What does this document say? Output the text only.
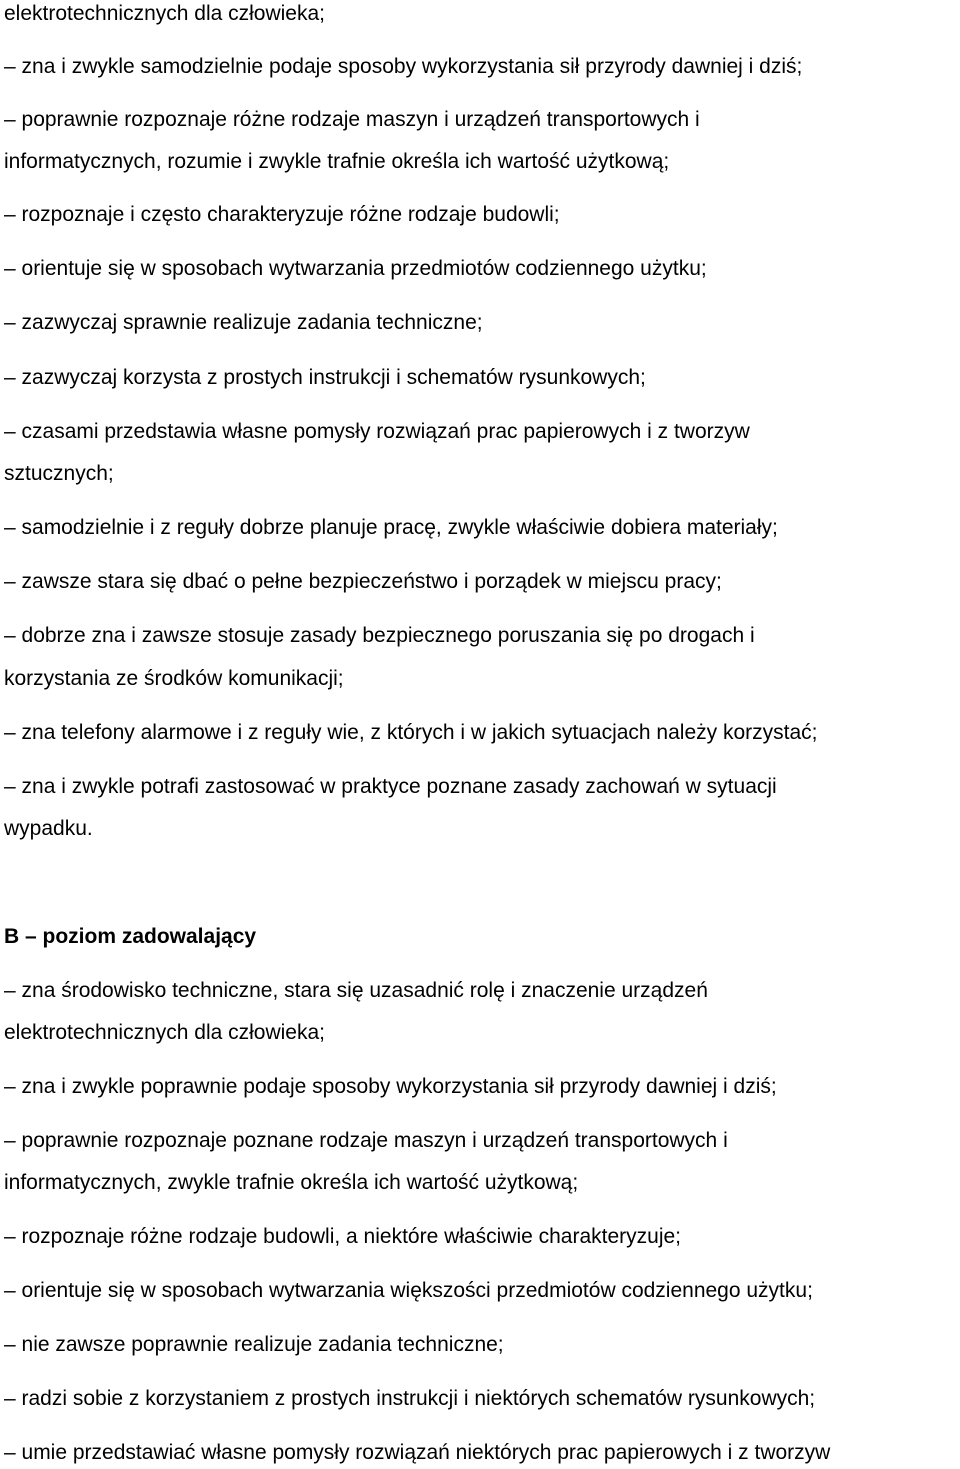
elektrotechnicznych dla człowieka;
– zna i zwykle samodzielnie podaje sposoby wykorzystania sił przyrody dawniej i dziś;
– poprawnie rozpoznaje różne rodzaje maszyn i urządzeń transportowych i
informatycznych, rozumie i zwykle trafnie określa ich wartość użytkową;
– rozpoznaje i często charakteryzuje różne rodzaje budowli;
– orientuje się w sposobach wytwarzania przedmiotów codziennego użytku;
– zazwyczaj sprawnie realizuje zadania techniczne;
– zazwyczaj korzysta z prostych instrukcji i schematów rysunkowych;
– czasami przedstawia własne pomysły rozwiązań prac papierowych i z tworzyw
sztucznych;
– samodzielnie i z reguły dobrze planuje pracę, zwykle właściwie dobiera materiały;
– zawsze stara się dbać o pełne bezpieczeństwo i porządek w miejscu pracy;
– dobrze zna i zawsze stosuje zasady bezpiecznego poruszania się po drogach i
korzystania ze środków komunikacji;
– zna telefony alarmowe i z reguły wie, z których i w jakich sytuacjach należy korzystać;
– zna i zwykle potrafi zastosować w praktyce poznane zasady zachowań w sytuacji
wypadku.
B – poziom zadowalający
– zna środowisko techniczne, stara się uzasadnić rolę i znaczenie urządzeń
elektrotechnicznych dla człowieka;
– zna i zwykle poprawnie podaje sposoby wykorzystania sił przyrody dawniej i dziś;
– poprawnie rozpoznaje poznane rodzaje maszyn i urządzeń transportowych i
informatycznych, zwykle trafnie określa ich wartość użytkową;
– rozpoznaje różne rodzaje budowli, a niektóre właściwie charakteryzuje;
– orientuje się w sposobach wytwarzania większości przedmiotów codziennego użytku;
– nie zawsze poprawnie realizuje zadania techniczne;
– radzi sobie z korzystaniem z prostych instrukcji i niektórych schematów rysunkowych;
– umie przedstawiać własne pomysły rozwiązań niektórych prac papierowych i z tworzyw
